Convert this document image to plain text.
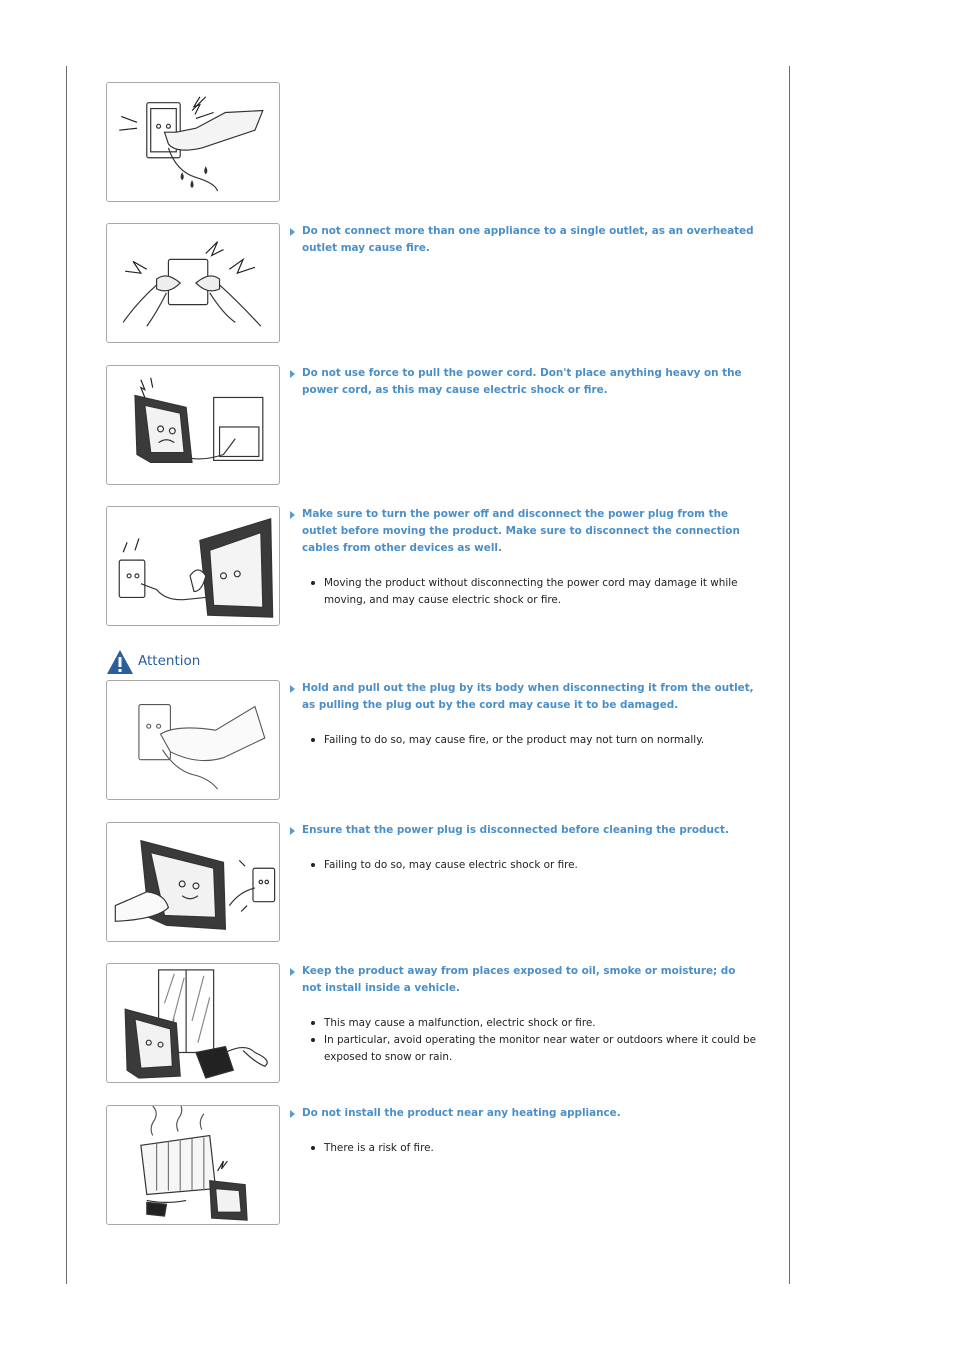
Do not connect more than one appliance to a single outlet, as an overheated outlet may cause fire.

Do not use force to pull the power cord. Don't place anything heavy on the power cord, as this may cause electric shock or fire.

Make sure to turn the power off and disconnect the power plug from the outlet before moving the product. Make sure to disconnect the connection cables from other devices as well.

Moving the product without disconnecting the power cord may damage it while moving, and may cause electric shock or fire.
Attention

Hold and pull out the plug by its body when disconnecting it from the outlet, as pulling the plug out by the cord may cause it to be damaged.

Failing to do so, may cause fire, or the product may not turn on normally.

Ensure that the power plug is disconnected before cleaning the product.

Failing to do so, may cause electric shock or fire.

Keep the product away from places exposed to oil, smoke or moisture; do not install inside a vehicle.

This may cause a malfunction, electric shock or fire.
In particular, avoid operating the monitor near water or outdoors where it could be exposed to snow or rain.

Do not install the product near any heating appliance.

There is a risk of fire.
